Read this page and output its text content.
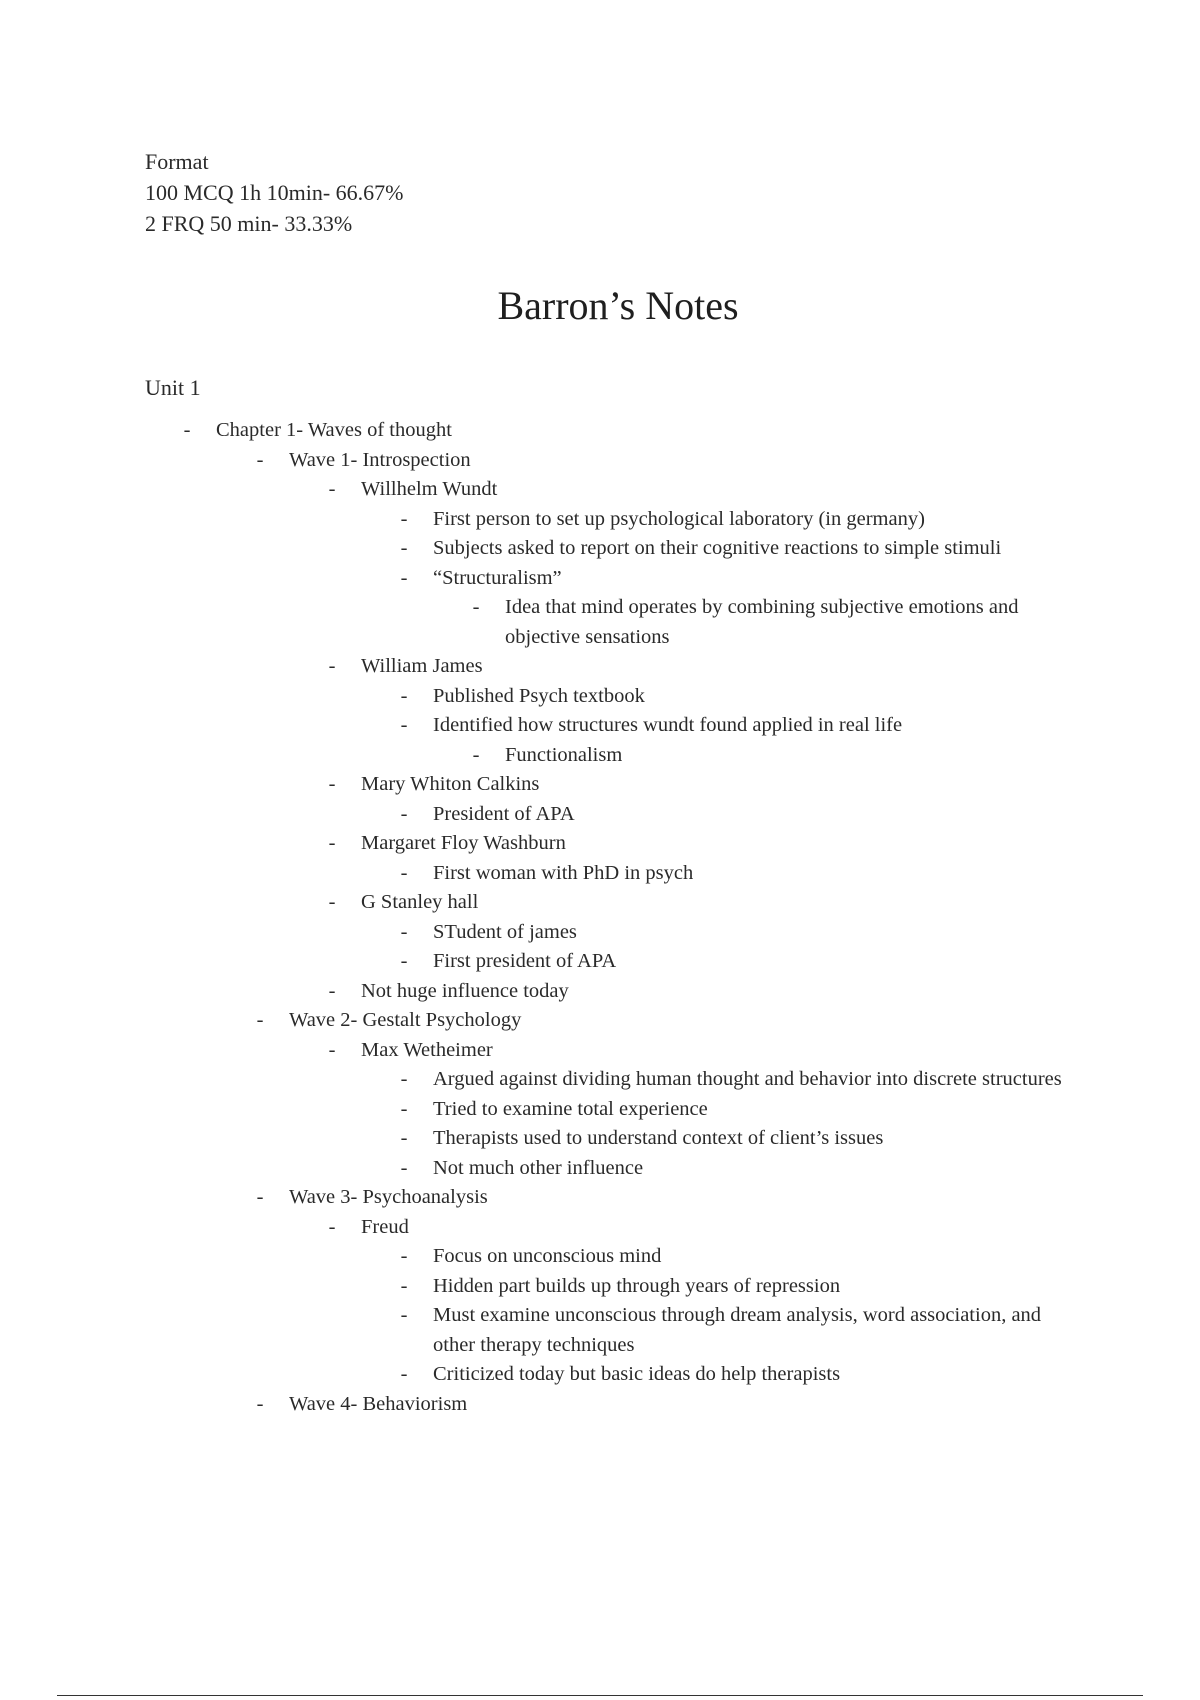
Format
100 MCQ 1h 10min- 66.67%
2 FRQ 50 min- 33.33%
Barron’s Notes
Unit 1
-	Chapter 1- Waves of thought
-	Wave 1- Introspection
-	Willhelm Wundt
-	First person to set up psychological laboratory (in germany)
-	Subjects asked to report on their cognitive reactions to simple stimuli
-	“Structuralism”
-	Idea that mind operates by combining subjective emotions and objective sensations
-	William James
-	Published Psych textbook
-	Identified how structures wundt found applied in real life
-	Functionalism
-	Mary Whiton Calkins
-	President of APA
-	Margaret Floy Washburn
-	First woman with PhD in psych
-	G Stanley hall
-	STudent of james
-	First president of APA
-	Not huge influence today
-	Wave 2- Gestalt Psychology
-	Max Wetheimer
-	Argued against dividing human thought and behavior into discrete structures
-	Tried to examine total experience
-	Therapists used to understand context of client’s issues
-	Not much other influence
-	Wave 3- Psychoanalysis
-	Freud
-	Focus on unconscious mind
-	Hidden part builds up through years of repression
-	Must examine unconscious through dream analysis, word association, and other therapy techniques
-	Criticized today but basic ideas do help therapists
-	Wave 4- Behaviorism
